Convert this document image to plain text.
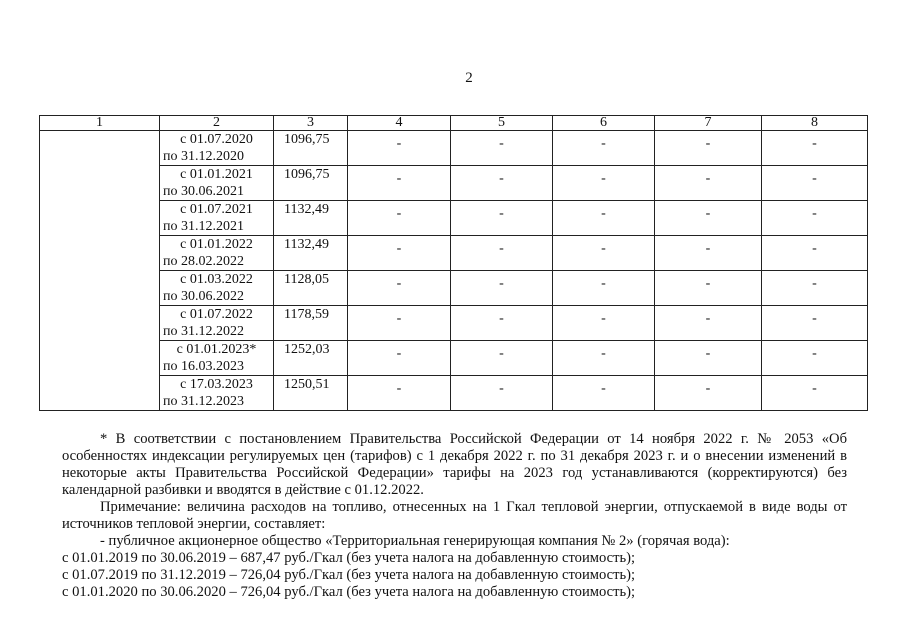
2
1	2	3	4	5	6	7	8

	с 01.07.2020
по 31.12.2020	1096,75	-	-	-	-	-

	с 01.01.2021
по 30.06.2021	1096,75	-	-	-	-	-

	с 01.07.2021
по 31.12.2021	1132,49	-	-	-	-	-

	с 01.01.2022
по 28.02.2022	1132,49	-	-	-	-	-

	с 01.03.2022
по 30.06.2022	1128,05	-	-	-	-	-

	с 01.07.2022
по 31.12.2022	1178,59	-	-	-	-	-

	с 01.01.2023*
по 16.03.2023	1252,03	-	-	-	-	-

	с 17.03.2023
по 31.12.2023	1250,51	-	-	-	-	-

* В соответствии с постановлением Правительства Российской Федерации от 14 ноября 2022 г. № 2053 «Об особенностях индексации регулируемых цен (тарифов) с 1 декабря 2022 г. по 31 декабря 2023 г. и о внесении изменений в некоторые акты Правительства Российской Федерации» тарифы на 2023 год устанавливаются (корректируются) без календарной разбивки и вводятся в действие с 01.12.2022.

Примечание: величина расходов на топливо, отнесенных на 1 Гкал тепловой энергии, отпускаемой в виде воды от источников тепловой энергии, составляет:

- публичное акционерное общество «Территориальная генерирующая компания № 2» (горячая вода):

с 01.01.2019 по 30.06.2019 – 687,47 руб./Гкал (без учета налога на добавленную стоимость);

с 01.07.2019 по 31.12.2019 – 726,04 руб./Гкал (без учета налога на добавленную стоимость);

с 01.01.2020 по 30.06.2020 – 726,04 руб./Гкал (без учета налога на добавленную стоимость);
